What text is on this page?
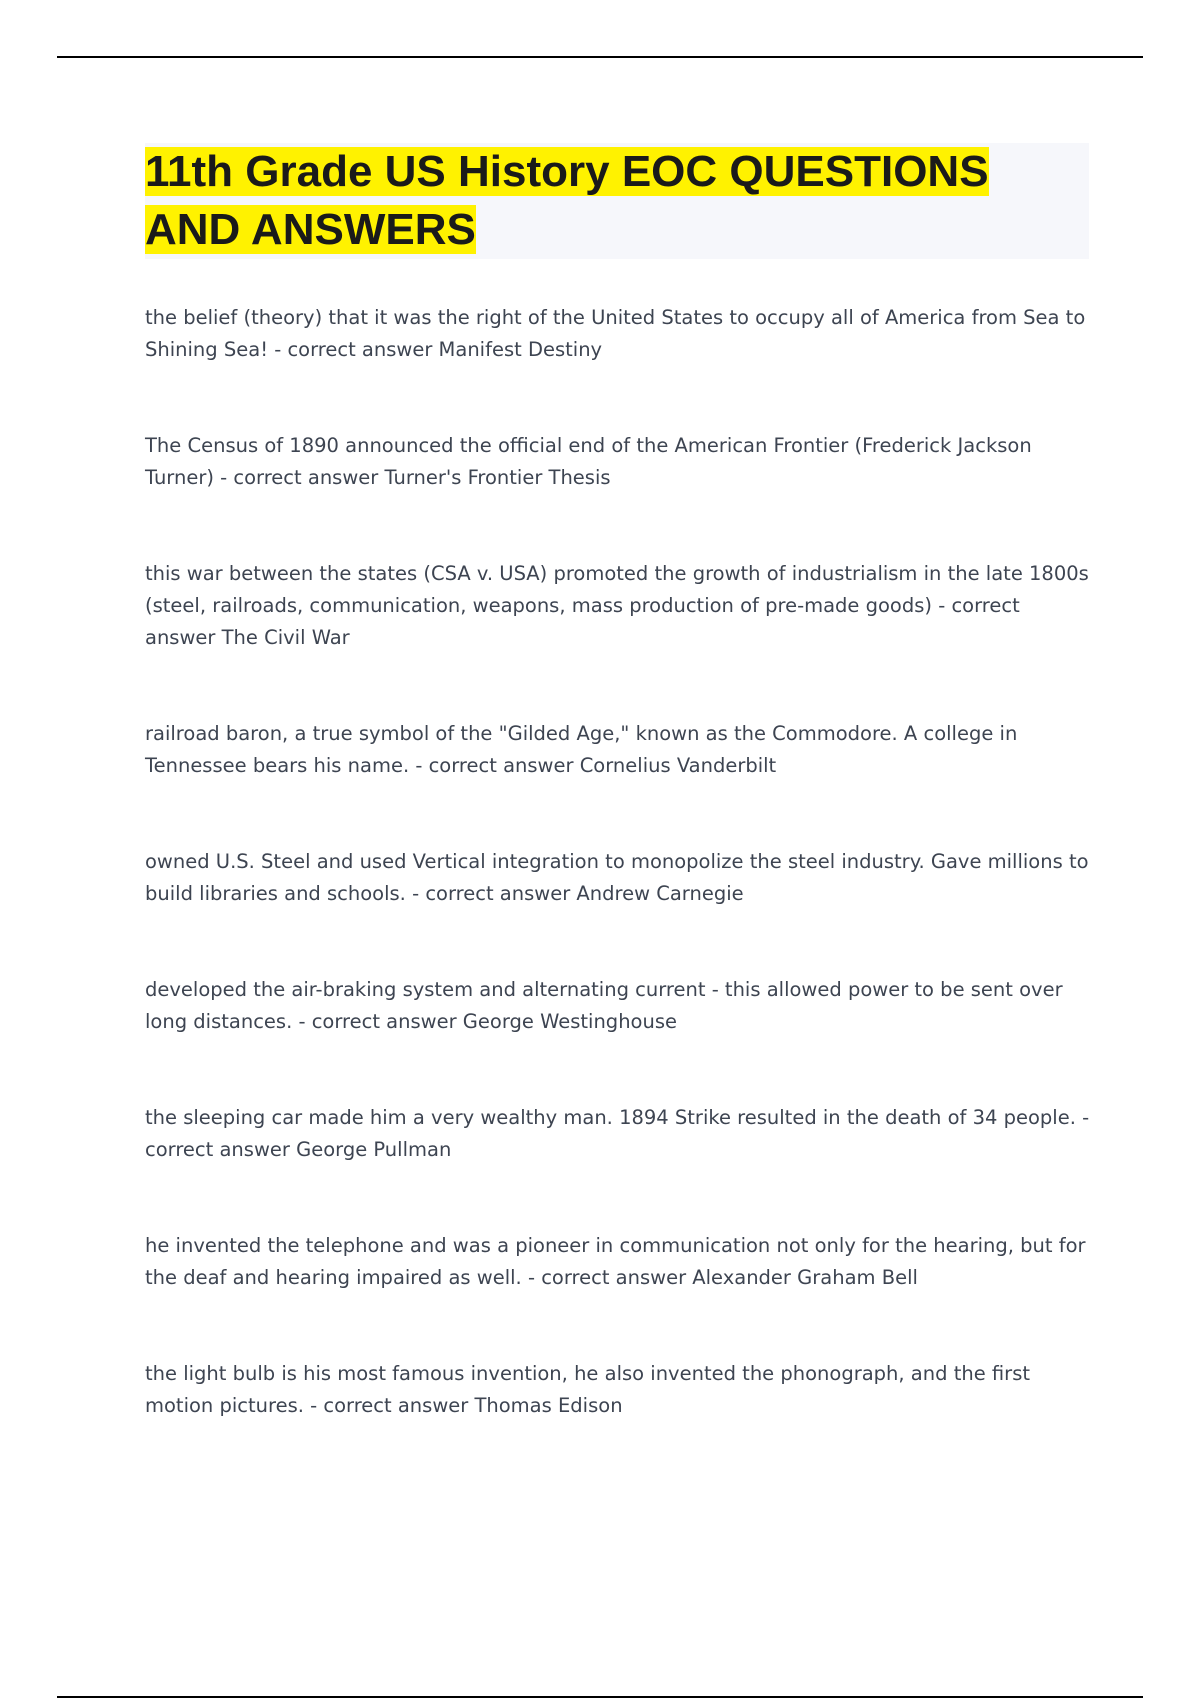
11th Grade US History EOC QUESTIONS AND ANSWERS

the belief (theory) that it was the right of the United States to occupy all of America from Sea to Shining Sea! - correct answer Manifest Destiny

The Census of 1890 announced the official end of the American Frontier (Frederick Jackson Turner) - correct answer Turner's Frontier Thesis

this war between the states (CSA v. USA) promoted the growth of industrialism in the late 1800s (steel, railroads, communication, weapons, mass production of pre-made goods) - correct answer The Civil War

railroad baron, a true symbol of the "Gilded Age," known as the Commodore. A college in Tennessee bears his name. - correct answer Cornelius Vanderbilt

owned U.S. Steel and used Vertical integration to monopolize the steel industry. Gave millions to build libraries and schools. - correct answer Andrew Carnegie

developed the air-braking system and alternating current - this allowed power to be sent over long distances. - correct answer George Westinghouse

the sleeping car made him a very wealthy man. 1894 Strike resulted in the death of 34 people. - correct answer George Pullman

he invented the telephone and was a pioneer in communication not only for the hearing, but for the deaf and hearing impaired as well. - correct answer Alexander Graham Bell

the light bulb is his most famous invention, he also invented the phonograph, and the first motion pictures. - correct answer Thomas Edison
